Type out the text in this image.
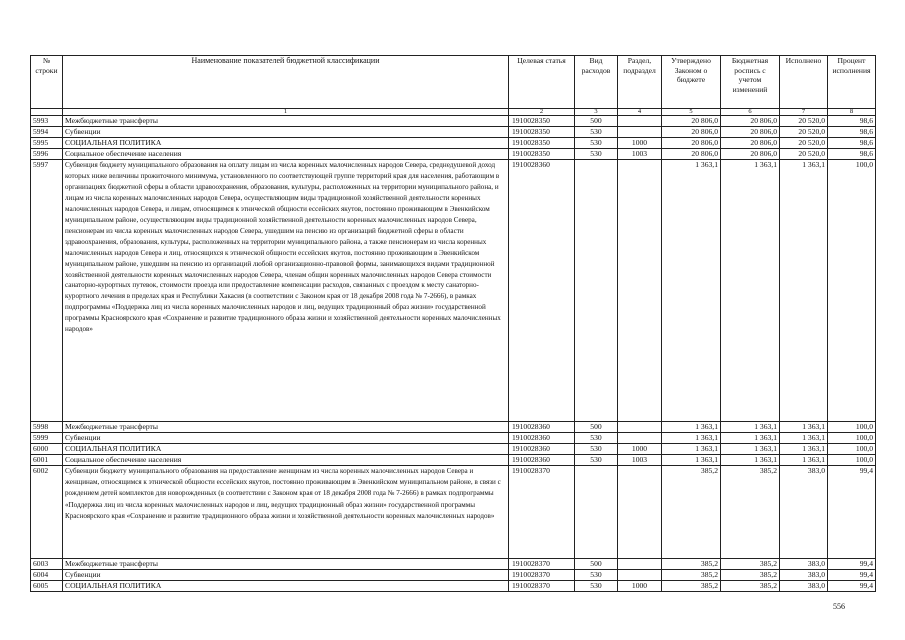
№ строки	Наименование показателей бюджетной классификации	Целевая статья	Вид расходов	Раздел, подраздел	Утверждено Законом о бюджете	Бюджетная роспись с учетом изменений	Исполнено	Процент исполнения
	1	2	3	4	5	6	7	8
5993	Межбюджетные трансферты	1910028350	500		20 806,0	20 806,0	20 520,0	98,6
5994	Субвенции	1910028350	530		20 806,0	20 806,0	20 520,0	98,6
5995	СОЦИАЛЬНАЯ ПОЛИТИКА	1910028350	530	1000	20 806,0	20 806,0	20 520,0	98,6
5996	Социальное обеспечение населения	1910028350	530	1003	20 806,0	20 806,0	20 520,0	98,6
5997	Субвенция бюджету муниципального образования на оплату лицам из числа коренных малочисленных народов Севера, среднедушевой доход которых ниже величины прожиточного минимума, установленного по соответствующей группе территорий края для населения, работающим в организациях бюджетной сферы в области здравоохранения, образования, культуры, расположенных на территории муниципального района, и лицам из числа коренных малочисленных народов Севера, осуществляющим виды традиционной хозяйственной деятельности коренных малочисленных народов Севера, и лицам, относящимся к этнической общности ессейских якутов, постоянно проживающим в Эвенкийском муниципальном районе, осуществляющим виды традиционной хозяйственной деятельности коренных малочисленных народов Севера, пенсионерам из числа коренных малочисленных народов Севера, ушедшим на пенсию из организаций бюджетной сферы в области здравоохранения, образования, культуры, расположенных на территории муниципального района, а также пенсионерам из числа коренных малочисленных народов Севера и лиц, относящихся к этнической общности ессейских якутов, постоянно проживающим в Эвенкийском муниципальном районе, ушедшим на пенсию из организаций любой организационно-правовой формы, занимающихся видами традиционной хозяйственной деятельности коренных малочисленных народов Севера, членам общин коренных малочисленных народов Севера стоимости санаторно-курортных путевок, стоимости проезда или предоставление компенсации расходов, связанных с проездом к месту санаторно-курортного лечения в пределах края и Республики Хакасия (в соответствии с Законом края от 18 декабря 2008 года № 7-2666), в рамках подпрограммы «Поддержка лиц из числа коренных малочисленных народов и лиц, ведущих традиционный образ жизни» государственной программы Красноярского края «Сохранение и развитие традиционного образа жизни и хозяйственной деятельности коренных малочисленных народов»	1910028360			1 363,1	1 363,1	1 363,1	100,0
5998	Межбюджетные трансферты	1910028360	500		1 363,1	1 363,1	1 363,1	100,0
5999	Субвенции	1910028360	530		1 363,1	1 363,1	1 363,1	100,0
6000	СОЦИАЛЬНАЯ ПОЛИТИКА	1910028360	530	1000	1 363,1	1 363,1	1 363,1	100,0
6001	Социальное обеспечение населения	1910028360	530	1003	1 363,1	1 363,1	1 363,1	100,0
6002	Субвенции бюджету муниципального образования на предоставление женщинам из числа коренных малочисленных народов Севера и женщинам, относящимся к этнической общности ессейских якутов, постоянно проживающим в Эвенкийском муниципальном районе, в связи с рождением детей комплектов для новорожденных (в соответствии с Законом края от 18 декабря 2008 года № 7-2666) в рамках подпрограммы «Поддержка лиц из числа коренных малочисленных народов и лиц, ведущих традиционный образ жизни» государственной программы Красноярского края «Сохранение и развитие традиционного образа жизни и хозяйственной деятельности коренных малочисленных народов»	1910028370			385,2	385,2	383,0	99,4
6003	Межбюджетные трансферты	1910028370	500		385,2	385,2	383,0	99,4
6004	Субвенции	1910028370	530		385,2	385,2	383,0	99,4
6005	СОЦИАЛЬНАЯ ПОЛИТИКА	1910028370	530	1000	385,2	385,2	383,0	99,4
556
